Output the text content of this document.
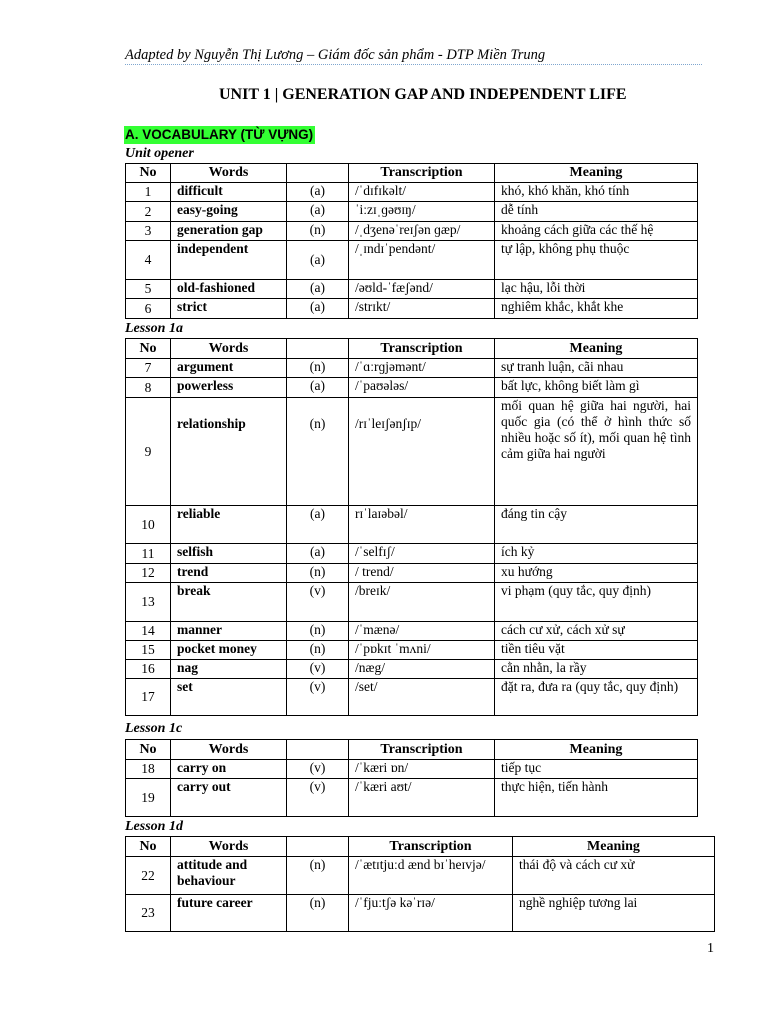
Adapted by Nguyễn Thị Lương – Giám đốc sản phẩm - DTP Miền Trung
UNIT 1 | GENERATION GAP AND INDEPENDENT LIFE
A. VOCABULARY (TỪ VỰNG)
Unit opener
No	Words		Transcription	Meaning
1	difficult	(a)	/ˈdɪfɪkəlt/	khó, khó khăn, khó tính
2	easy-going	(a)	ˈiːzɪˌɡəʊɪŋ/	dễ tính
3	generation gap	(n)	/ˌdʒenəˈreɪʃən ɡæp/	khoảng cách giữa các thế hệ
4	independent	(a)	/ˌɪndɪˈpendənt/	tự lập, không phụ thuộc
5	old-fashioned	(a)	/əʊld-ˈfæʃənd/	lạc hậu, lỗi thời
6	strict	(a)	/strɪkt/	nghiêm khắc, khắt khe
Lesson 1a
No	Words		Transcription	Meaning
7	argument	(n)	/ˈɑːrɡjəmənt/	sự tranh luận, cãi nhau
8	powerless	(a)	/ˈpaʊələs/	bất lực, không biết làm gì
9	relationship	(n)	/rɪˈleɪʃənʃɪp/	mối quan hệ giữa hai người, hai quốc gia (có thể ở hình thức số nhiều hoặc số ít), mối quan hệ tình cảm giữa hai người
10	reliable	(a)	rɪˈlaɪəbəl/	đáng tin cậy
11	selfish	(a)	/ˈselfɪʃ/	ích kỷ
12	trend	(n)	/ trend/	xu hướng
13	break	(v)	/breɪk/	vi phạm (quy tắc, quy định)
14	manner	(n)	/ˈmænə/	cách cư xử, cách xử sự
15	pocket money	(n)	/ˈpɒkɪt ˈmʌni/	tiền tiêu vặt
16	nag	(v)	/næg/	cằn nhằn, la rầy
17	set	(v)	/set/	đặt ra, đưa ra (quy tắc, quy định)
Lesson 1c
No	Words		Transcription	Meaning
18	carry on	(v)	/ˈkæri ɒn/	tiếp tục
19	carry out	(v)	/ˈkæri aʊt/	thực hiện, tiến hành
Lesson 1d
No	Words		Transcription	Meaning
22	attitude and behaviour	(n)	/ˈætɪtjuːd ænd bɪˈheɪvjə/	thái độ và cách cư xử
23	future career	(n)	/ˈfjuːtʃə kəˈrɪə/	nghề nghiệp tương lai
1
